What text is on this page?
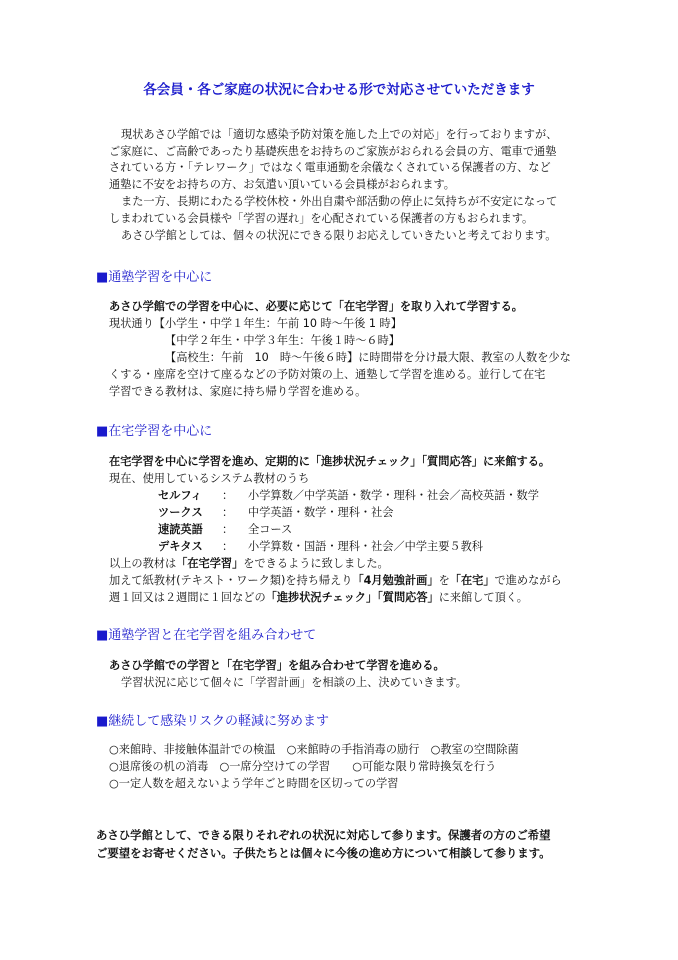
各会員・各ご家庭の状況に合わせる形で対応させていただきます
現状あさひ学館では「適切な感染予防対策を施した上での対応」を行っておりますが、
ご家庭に、ご高齢であったり基礎疾患をお持ちのご家族がおられる会員の方、電車で通塾
されている方・「テレワーク」ではなく電車通勤を余儀なくされている保護者の方、など
通塾に不安をお持ちの方、お気遣い頂いている会員様がおられます。
また一方、長期にわたる学校休校・外出自粛や部活動の停止に気持ちが不安定になって
しまわれている会員様や「学習の遅れ」を心配されている保護者の方もおられます。
あさひ学館としては、個々の状況にできる限りお応えしていきたいと考えております。
■通塾学習を中心に
あさひ学館での学習を中心に、必要に応じて「在宅学習」を取り入れて学習する。
現状通り【小学生・中学１年生：午前 10 時～午後 1 時】
【中学２年生・中学３年生：午後１時～６時】
【高校生：午前　10　時～午後６時】に時間帯を分け最大限、教室の人数を少な
くする・座席を空けて座るなどの予防対策の上、通塾して学習を進める。並行して在宅
学習できる教材は、家庭に持ち帰り学習を進める。
■在宅学習を中心に
在宅学習を中心に学習を進め、定期的に「進捗状況チェック」「質問応答」に来館する。
現在、使用しているシステム教材のうち
セルフィ ： 小学算数／中学英語・数学・理科・社会／高校英語・数学
ツークス ： 中学英語・数学・理科・社会
速読英語 ： 全コース
デキタス ： 小学算数・国語・理科・社会／中学主要５教科
以上の教材は「在宅学習」をできるように致しました。
加えて紙教材(テキスト・ワーク類)を持ち帰えり「4月勉強計画」を「在宅」で進めながら
週１回又は２週間に１回などの「進捗状況チェック」「質問応答」に来館して頂く。
■通塾学習と在宅学習を組み合わせて
あさひ学館での学習と「在宅学習」を組み合わせて学習を進める。
学習状況に応じて個々に「学習計画」を相談の上、決めていきます。
■継続して感染リスクの軽減に努めます
○来館時、非接触体温計での検温　○来館時の手指消毒の励行　○教室の空間除菌
○退席後の机の消毒　○一席分空けての学習　　○可能な限り常時換気を行う
○一定人数を超えないよう学年ごと時間を区切っての学習
あさひ学館として、できる限りそれぞれの状況に対応して参ります。保護者の方のご希望
ご要望をお寄せください。子供たちとは個々に今後の進め方について相談して参ります。
